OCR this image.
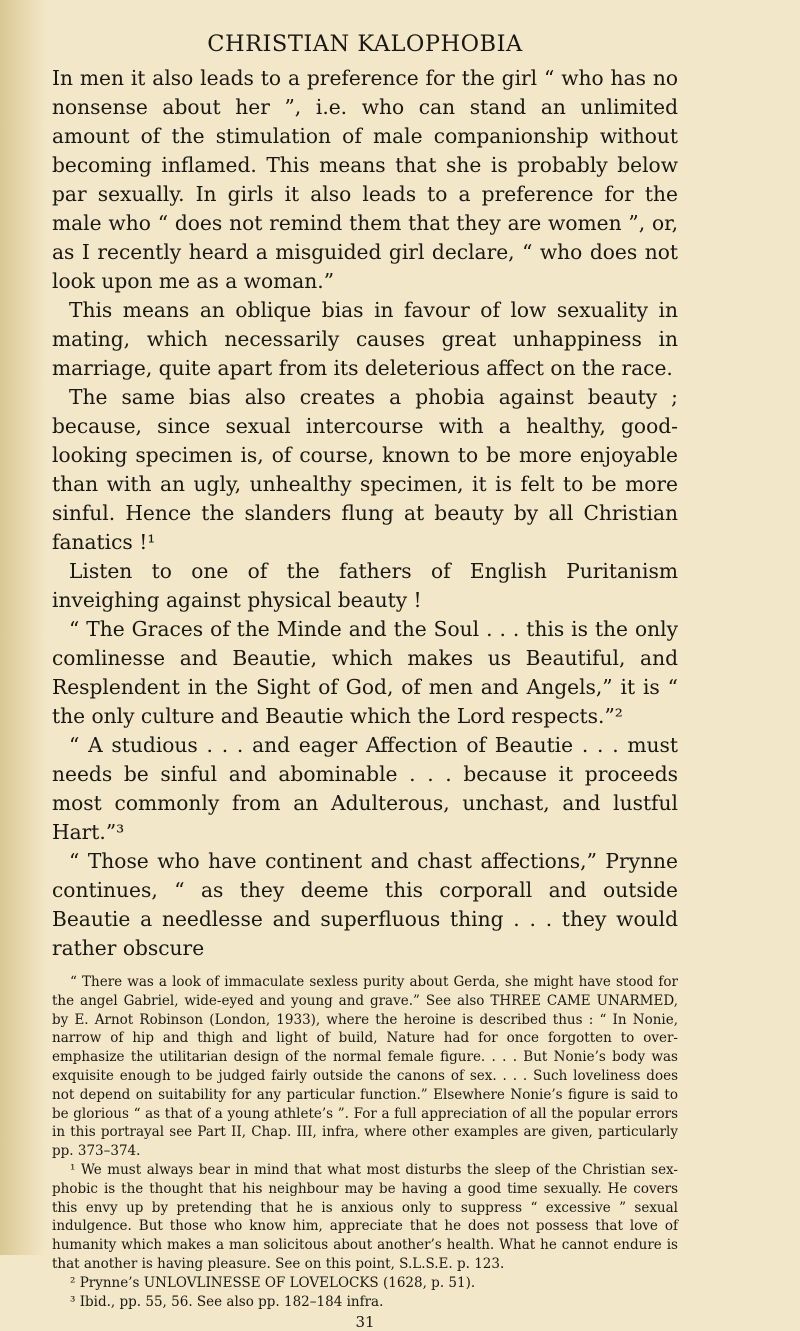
CHRISTIAN KALOPHOBIA

In men it also leads to a preference for the girl “ who has no nonsense about her ”, i.e. who can stand an unlimited amount of the stimulation of male companionship without becoming inflamed. This means that she is probably below par sexually. In girls it also leads to a preference for the male who “ does not remind them that they are women ”, or, as I recently heard a misguided girl declare, “ who does not look upon me as a woman.”

This means an oblique bias in favour of low sexuality in mating, which necessarily causes great unhappiness in marriage, quite apart from its deleterious affect on the race.

The same bias also creates a phobia against beauty ; because, since sexual intercourse with a healthy, good-looking specimen is, of course, known to be more enjoyable than with an ugly, unhealthy specimen, it is felt to be more sinful. Hence the slanders flung at beauty by all Christian fanatics !¹

Listen to one of the fathers of English Puritanism inveighing against physical beauty !

“ The Graces of the Minde and the Soul . . . this is the only comlinesse and Beautie, which makes us Beautiful, and Resplendent in the Sight of God, of men and Angels,” it is “ the only culture and Beautie which the Lord respects.”²

“ A studious . . . and eager Affection of Beautie . . . must needs be sinful and abominable . . . because it proceeds most commonly from an Adulterous, unchast, and lustful Hart.”³

“ Those who have continent and chast affections,” Prynne continues, “ as they deeme this corporall and outside Beautie a needlesse and superfluous thing . . . they would rather obscure

“ There was a look of immaculate sexless purity about Gerda, she might have stood for the angel Gabriel, wide-eyed and young and grave.” See also THREE CAME UNARMED, by E. Arnot Robinson (London, 1933), where the heroine is described thus : “ In Nonie, narrow of hip and thigh and light of build, Nature had for once forgotten to over-emphasize the utilitarian design of the normal female figure. . . . But Nonie’s body was exquisite enough to be judged fairly outside the canons of sex. . . . Such loveliness does not depend on suitability for any particular function.” Elsewhere Nonie’s figure is said to be glorious “ as that of a young athlete’s ”. For a full appreciation of all the popular errors in this portrayal see Part II, Chap. III, infra, where other examples are given, particularly pp. 373–374.

¹ We must always bear in mind that what most disturbs the sleep of the Christian sex-phobic is the thought that his neighbour may be having a good time sexually. He covers this envy up by pretending that he is anxious only to suppress “ excessive ” sexual indulgence. But those who know him, appreciate that he does not possess that love of humanity which makes a man solicitous about another’s health. What he cannot endure is that another is having pleasure. See on this point, S.L.S.E. p. 123.

² Prynne’s UNLOVLINESSE OF LOVELOCKS (1628, p. 51).

³ Ibid., pp. 55, 56. See also pp. 182–184 infra.

31
